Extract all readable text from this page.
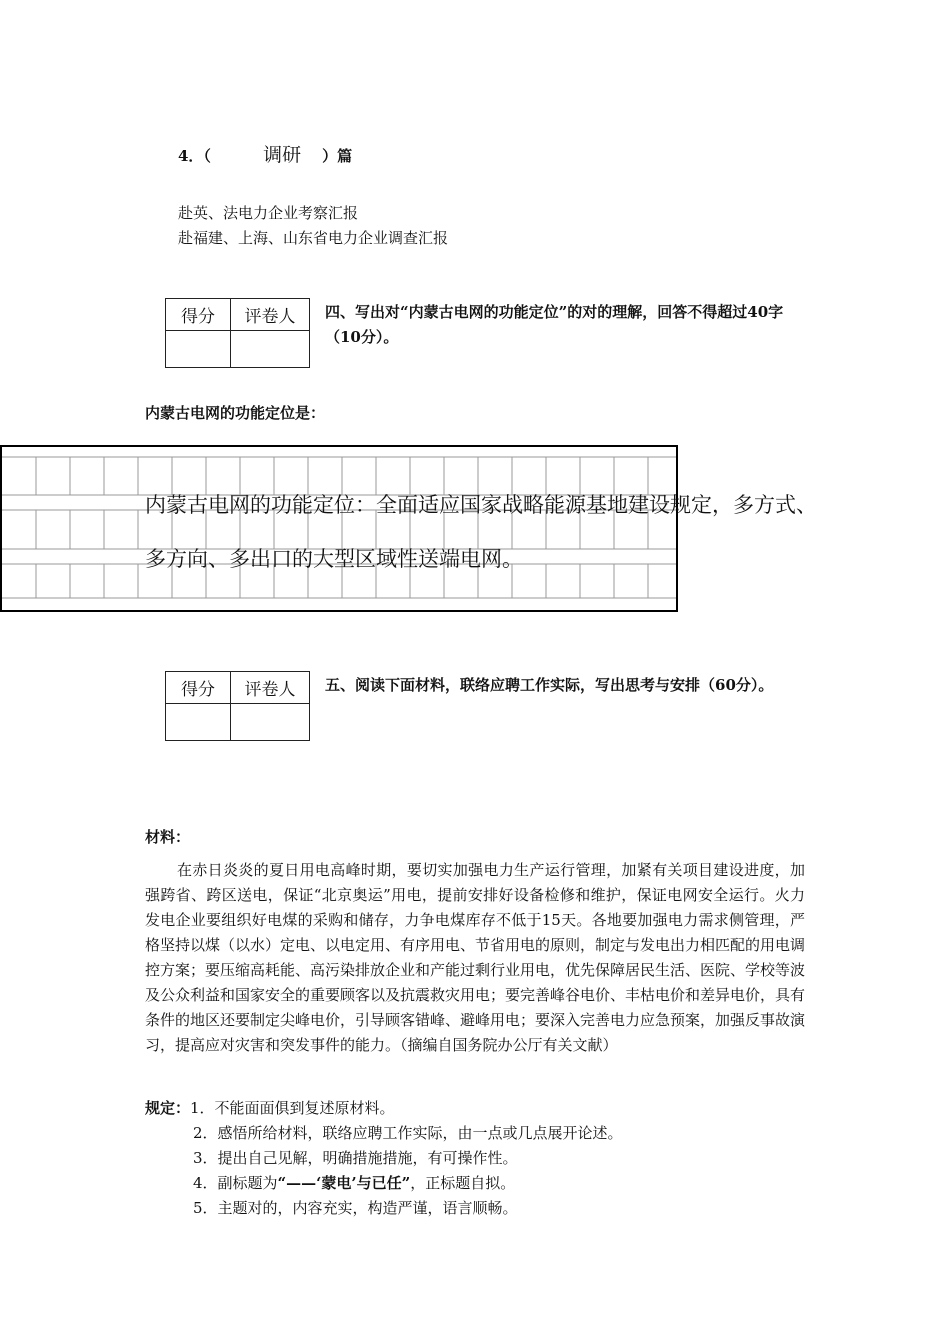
4．（	调研 ）篇
赴英、法电力企业考察汇报
赴福建、上海、山东省电力企业调查汇报
得分	评卷人
	四、写出对“内蒙古电网的功能定位”的对的理解，回答不得超过40字（10分）。
内蒙古电网的功能定位是：
内蒙古电网的功能定位：全面适应国家战略能源基地建设规定，多方式、多方向、多出口的大型区域性送端电网。
得分	评卷人
	五、阅读下面材料，联络应聘工作实际，写出思考与安排（60分）。
材料：
在赤日炎炎的夏日用电高峰时期，要切实加强电力生产运行管理，加紧有关项目建设进度，加强跨省、跨区送电，保证“北京奥运”用电，提前安排好设备检修和维护，保证电网安全运行。火力发电企业要组织好电煤的采购和储存，力争电煤库存不低于15天。各地要加强电力需求侧管理，严格坚持以煤（以水）定电、以电定用、有序用电、节省用电的原则，制定与发电出力相匹配的用电调控方案；要压缩高耗能、高污染排放企业和产能过剩行业用电，优先保障居民生活、医院、学校等波及公众利益和国家安全的重要顾客以及抗震救灾用电；要完善峰谷电价、丰枯电价和差异电价，具有条件的地区还要制定尖峰电价，引导顾客错峰、避峰用电；要深入完善电力应急预案，加强反事故演习，提高应对灾害和突发事件的能力。（摘编自国务院办公厅有关文献）
规定：1．不能面面俱到复述原材料。
2．感悟所给材料，联络应聘工作实际，由一点或几点展开论述。
3．提出自己见解，明确措施措施，有可操作性。
4．副标题为“——‘蒙电’与已任”，正标题自拟。
5．主题对的，内容充实，构造严谨，语言顺畅。
